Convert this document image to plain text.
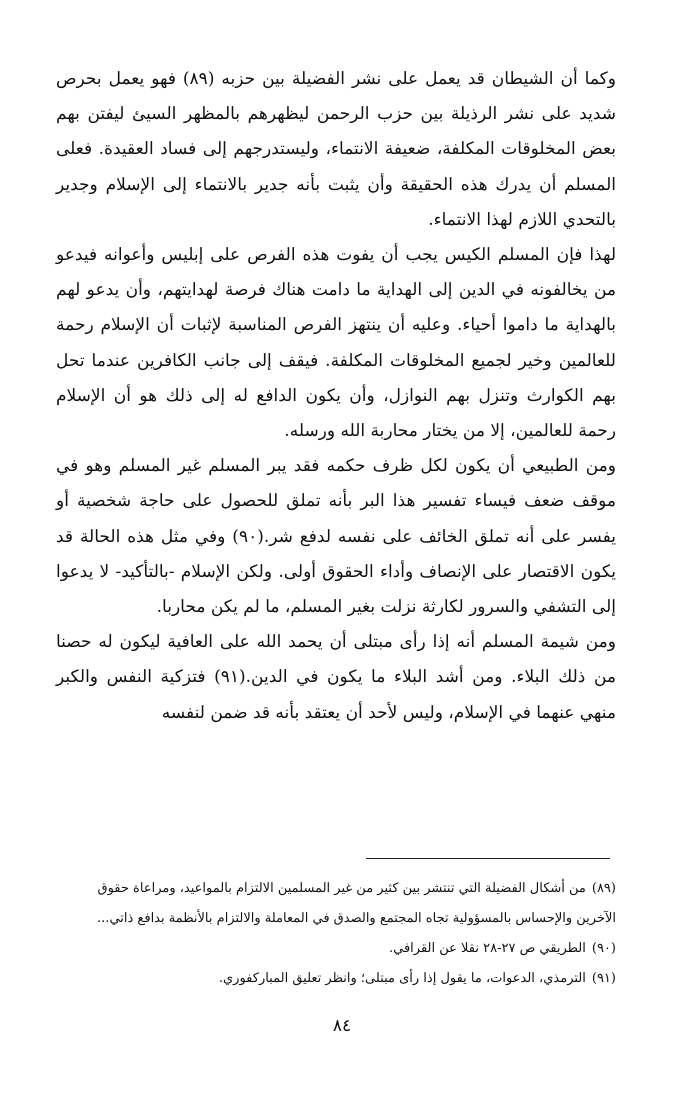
وكما أن الشيطان قد يعمل على نشر الفضيلة بين حزبه (٨٩) فهو يعمل بحرص شديد على نشر الرذيلة بين حزب الرحمن ليظهرهم بالمظهر السيئ ليفتن بهم بعض المخلوقات المكلفة، ضعيفة الانتماء، وليستدرجهم إلى فساد العقيدة. فعلى المسلم أن يدرك هذه الحقيقة وأن يثبت بأنه جدير بالانتماء إلى الإسلام وجدير بالتحدي اللازم لهذا الانتماء.

لهذا فإن المسلم الكيس يجب أن يفوت هذه الفرص على إبليس وأعوانه فيدعو من يخالفونه في الدين إلى الهداية ما دامت هناك فرصة لهدايتهم، وأن يدعو لهم بالهداية ما داموا أحياء. وعليه أن ينتهز الفرص المناسبة لإثبات أن الإسلام رحمة للعالمين وخير لجميع المخلوقات المكلفة. فيقف إلى جانب الكافرين عندما تحل بهم الكوارث وتنزل بهم النوازل، وأن يكون الدافع له إلى ذلك هو أن الإسلام رحمة للعالمين، إلا من يختار محاربة الله ورسله.

ومن الطبيعي أن يكون لكل ظرف حكمه فقد يبر المسلم غير المسلم وهو في موقف ضعف فيساء تفسير هذا البر بأنه تملق للحصول على حاجة شخصية أو يفسر على أنه تملق الخائف على نفسه لدفع شر.(٩٠) وفي مثل هذه الحالة قد يكون الاقتصار على الإنصاف وأداء الحقوق أولى. ولكن الإسلام -بالتأكيد- لا يدعوا إلى التشفي والسرور لكارثة نزلت بغير المسلم، ما لم يكن محاربا.

ومن شيمة المسلم أنه إذا رأى مبتلى أن يحمد الله على العافية ليكون له حصنا من ذلك البلاء. ومن أشد البلاء ما يكون في الدين.(٩١) فتزكية النفس والكبر منهي عنهما في الإسلام، وليس لأحد أن يعتقد بأنه قد ضمن لنفسه

(٨٩)من أشكال الفضيلة التي تنتشر بين كثير من غير المسلمين الالتزام بالمواعيد، ومراعاة حقوق الآخرين والإحساس بالمسؤولية تجاه المجتمع والصدق في المعاملة والالتزام بالأنظمة بدافع ذاتي...

(٩٠)الطريقي ص ٢٧-٢٨ نقلا عن القرافي.

(٩١)الترمذي، الدعوات، ما يقول إذا رأى مبتلى؛ وانظر تعليق المباركفوري.

٨٤
